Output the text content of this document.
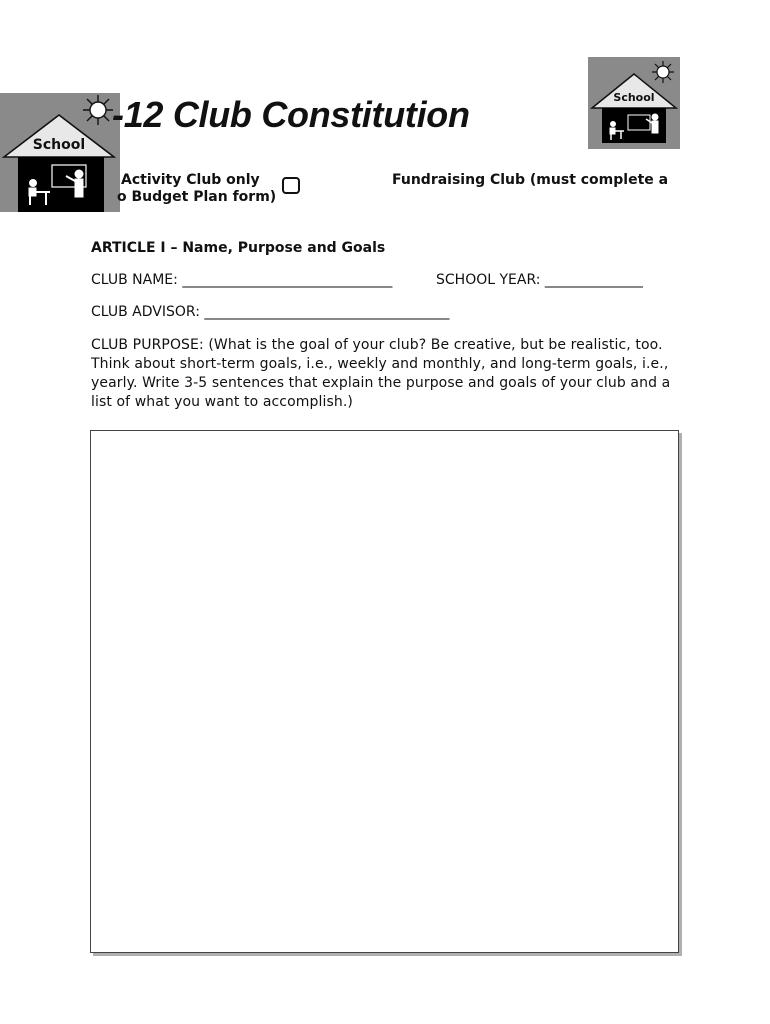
School
School
-12 Club Constitution
Activity Club only
o Budget Plan form)
Fundraising Club (must complete a
ARTICLE I – Name, Purpose and Goals
CLUB NAME: ______________________________	SCHOOL YEAR: ______________
CLUB ADVISOR: ___________________________________
CLUB PURPOSE: (What is the goal of your club? Be creative, but be realistic, too. Think about short-term goals, i.e., weekly and monthly, and long-term goals, i.e., yearly. Write 3-5 sentences that explain the purpose and goals of your club and a list of what you want to accomplish.)
